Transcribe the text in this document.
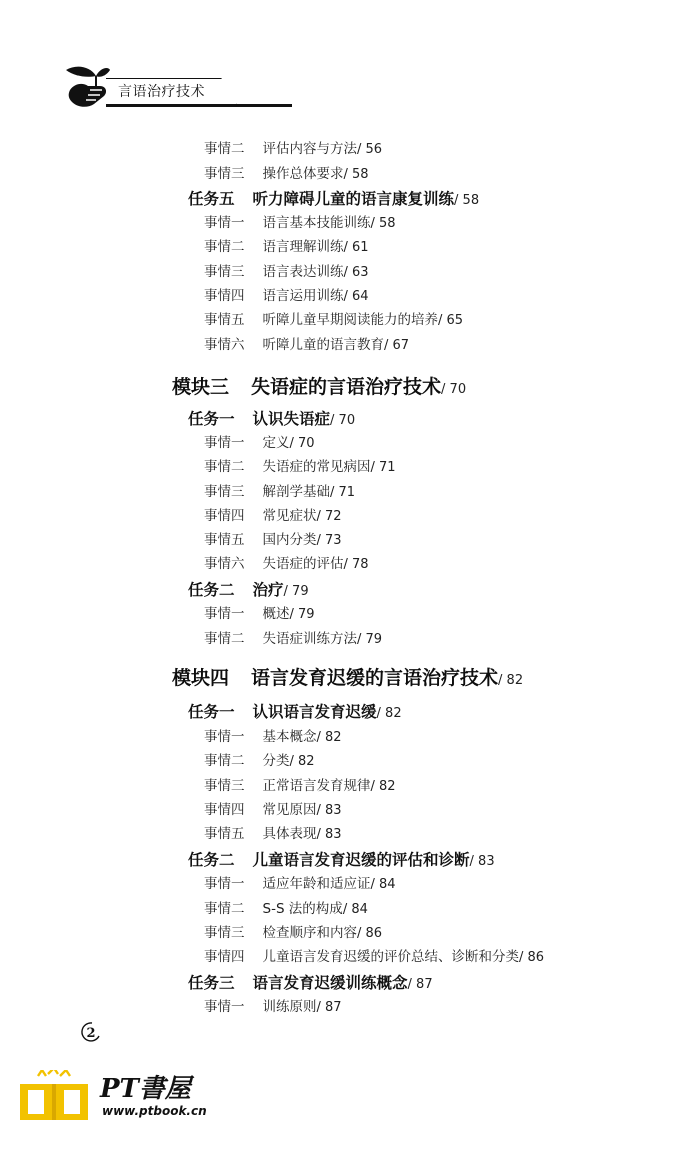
言语治疗技术
事情二 评估内容与方法/ 56
事情三 操作总体要求/ 58
任务五 听力障碍儿童的语言康复训练/ 58
事情一 语言基本技能训练/ 58
事情二 语言理解训练/ 61
事情三 语言表达训练/ 63
事情四 语言运用训练/ 64
事情五 听障儿童早期阅读能力的培养/ 65
事情六 听障儿童的语言教育/ 67
模块三 失语症的言语治疗技术/ 70
任务一 认识失语症/ 70
事情一 定义/ 70
事情二 失语症的常见病因/ 71
事情三 解剖学基础/ 71
事情四 常见症状/ 72
事情五 国内分类/ 73
事情六 失语症的评估/ 78
任务二 治疗/ 79
事情一 概述/ 79
事情二 失语症训练方法/ 79
模块四 语言发育迟缓的言语治疗技术/ 82
任务一 认识语言发育迟缓/ 82
事情一 基本概念/ 82
事情二 分类/ 82
事情三 正常语言发育规律/ 82
事情四 常见原因/ 83
事情五 具体表现/ 83
任务二 儿童语言发育迟缓的评估和诊断/ 83
事情一 适应年龄和适应证/ 84
事情二 S-S 法的构成/ 84
事情三 检查顺序和内容/ 86
事情四 儿童语言发育迟缓的评价总结、诊断和分类/ 86
任务三 语言发育迟缓训练概念/ 87
事情一 训练原则/ 87
2
PT書屋
www.ptbook.cn
